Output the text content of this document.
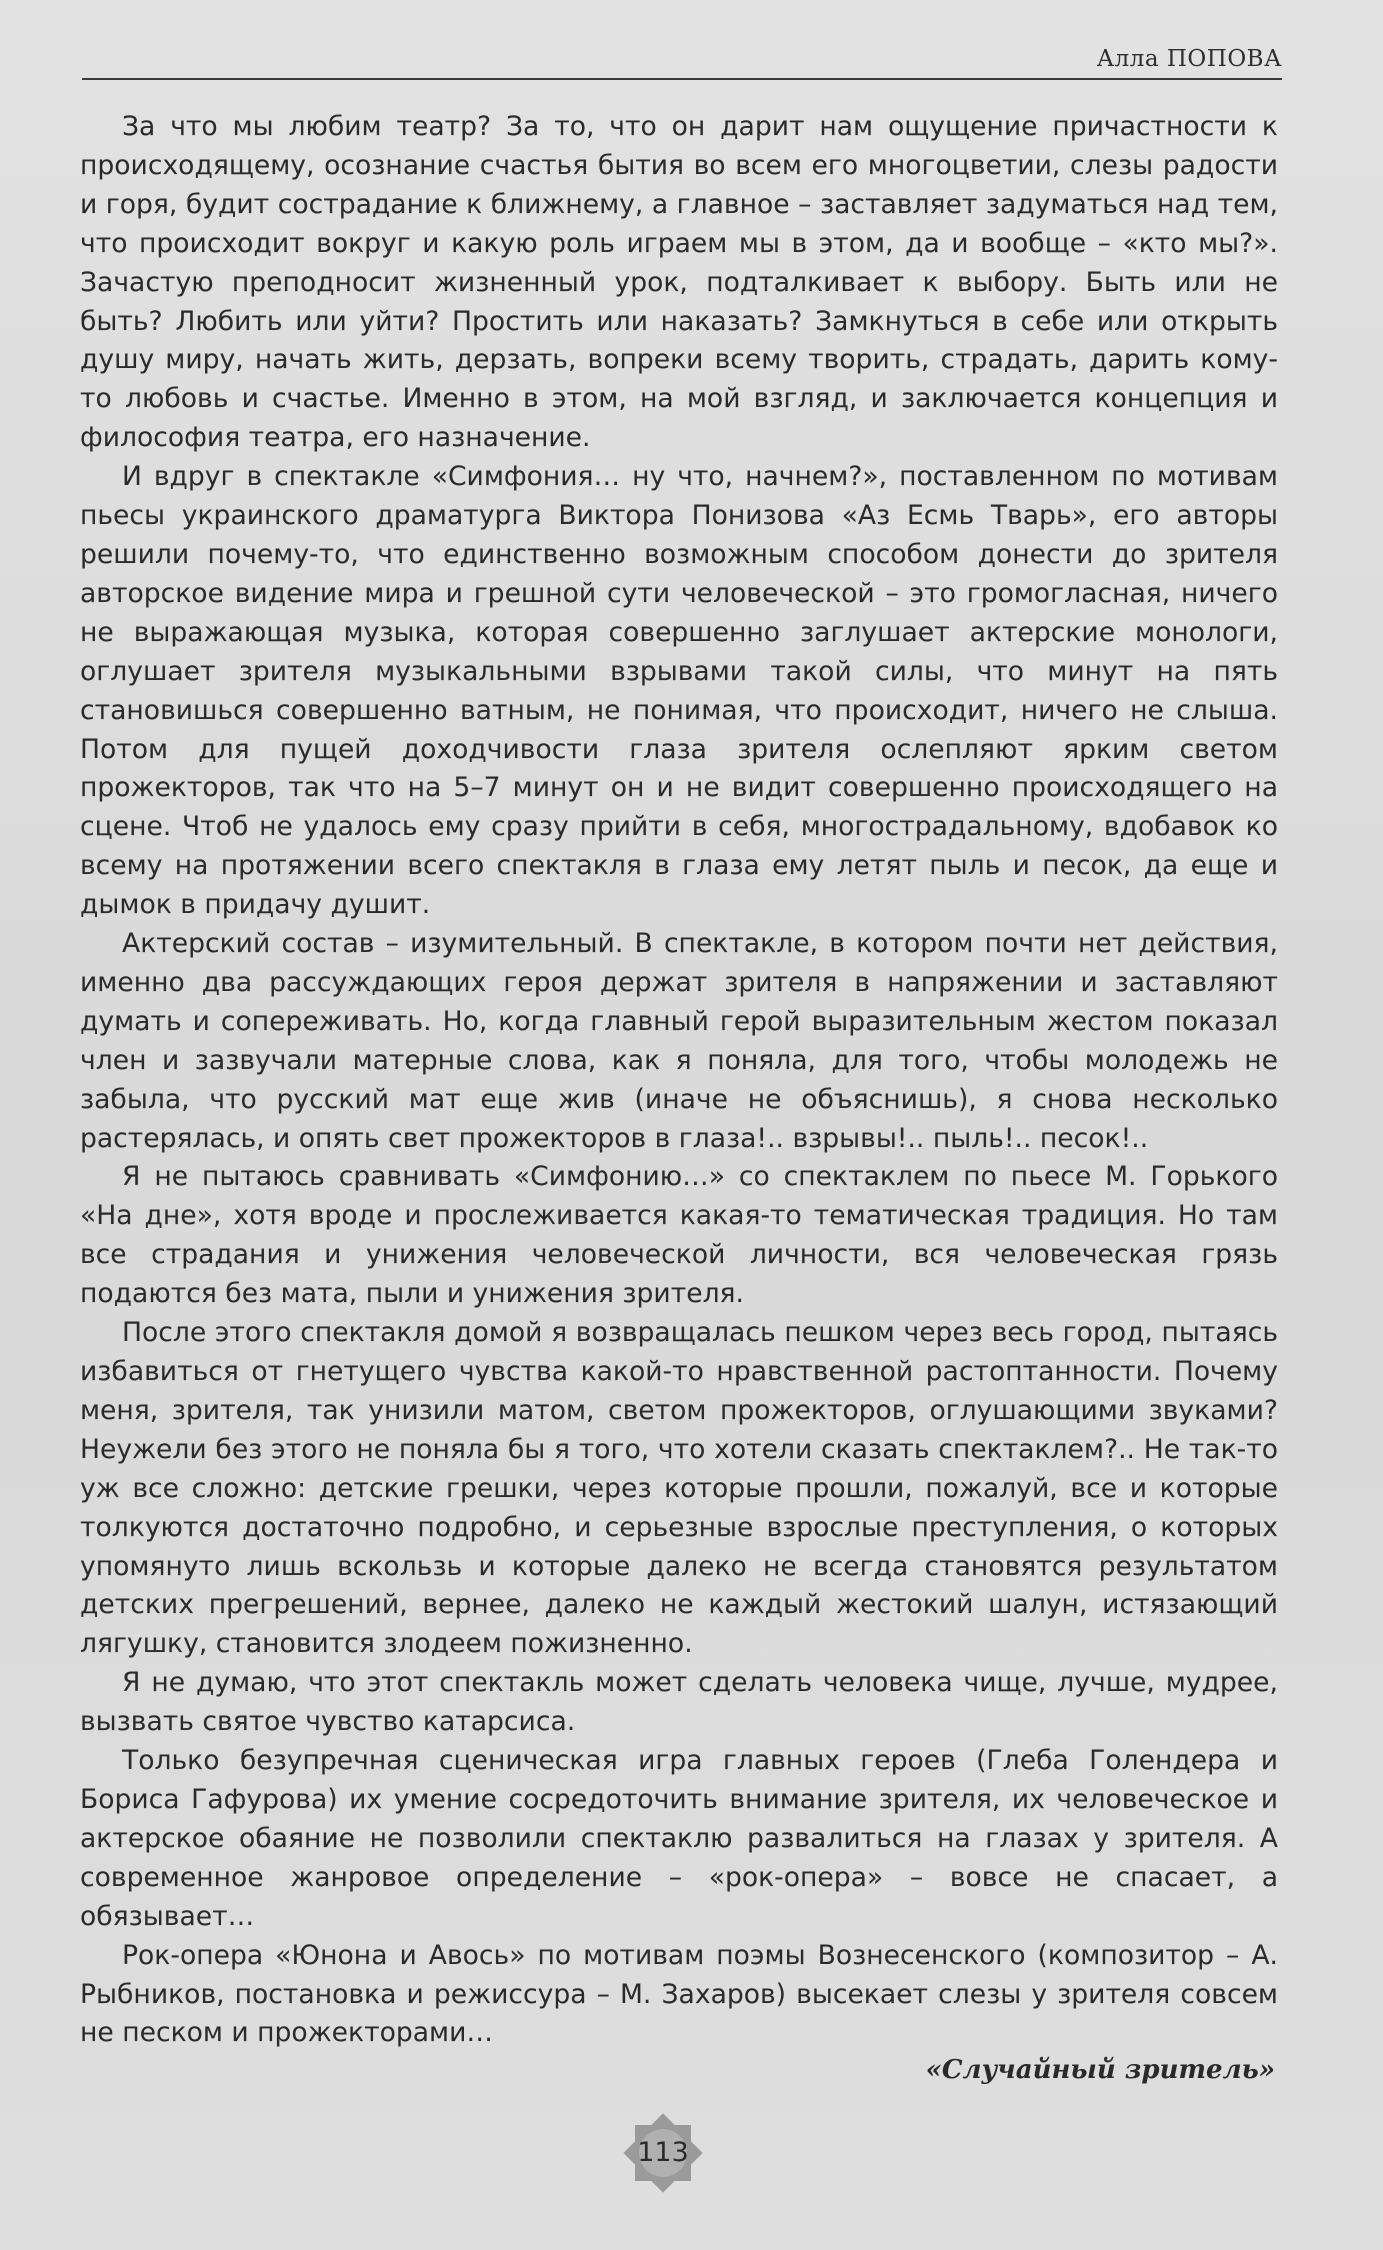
Алла ПОПОВА

За что мы любим театр? За то, что он дарит нам ощущение причастности к происходящему, осознание счастья бытия во всем его многоцветии, слезы радости и горя, будит сострадание к ближнему, а главное – заставляет задуматься над тем, что происходит вокруг и какую роль играем мы в этом, да и вообще – «кто мы?». Зачастую преподносит жизненный урок, подталкивает к выбору. Быть или не быть? Любить или уйти? Простить или наказать? Замкнуться в себе или открыть душу миру, начать жить, дерзать, вопреки всему творить, страдать, дарить кому-то любовь и счастье. Именно в этом, на мой взгляд, и заключается концепция и философия театра, его назначение.

И вдруг в спектакле «Симфония… ну что, начнем?», поставленном по мотивам пьесы украинского драматурга Виктора Понизова «Аз Есмь Тварь», его авторы решили почему-то, что единственно возможным способом донести до зрителя авторское видение мира и грешной сути человеческой – это громогласная, ничего не выражающая музыка, которая совершенно заглушает актерские монологи, оглушает зрителя музыкальными взрывами такой силы, что минут на пять становишься совершенно ватным, не понимая, что происходит, ничего не слыша. Потом для пущей доходчивости глаза зрителя ослепляют ярким светом прожекторов, так что на 5–7 минут он и не видит совершенно происходящего на сцене. Чтоб не удалось ему сразу прийти в себя, многострадальному, вдобавок ко всему на протяжении всего спектакля в глаза ему летят пыль и песок, да еще и дымок в придачу душит.

Актерский состав – изумительный. В спектакле, в котором почти нет действия, именно два рассуждающих героя держат зрителя в напряжении и заставляют думать и сопереживать. Но, когда главный герой выразительным жестом показал член и зазвучали матерные слова, как я поняла, для того, чтобы молодежь не забыла, что русский мат еще жив (иначе не объяснишь), я снова несколько растерялась, и опять свет прожекторов в глаза!.. взрывы!.. пыль!.. песок!..

Я не пытаюсь сравнивать «Симфонию…» со спектаклем по пьесе М. Горького «На дне», хотя вроде и прослеживается какая-то тематическая традиция. Но там все страдания и унижения человеческой личности, вся человеческая грязь подаются без мата, пыли и унижения зрителя.

После этого спектакля домой я возвращалась пешком через весь город, пытаясь избавиться от гнетущего чувства какой-то нравственной растоптанности. Почему меня, зрителя, так унизили матом, светом прожекторов, оглушающими звуками? Неужели без этого не поняла бы я того, что хотели сказать спектаклем?.. Не так-то уж все сложно: детские грешки, через которые прошли, пожалуй, все и которые толкуются достаточно подробно, и серьезные взрослые преступления, о которых упомянуто лишь вскользь и которые далеко не всегда становятся результатом детских прегрешений, вернее, далеко не каждый жестокий шалун, истязающий лягушку, становится злодеем пожизненно.

Я не думаю, что этот спектакль может сделать человека чище, лучше, мудрее, вызвать святое чувство катарсиса.

Только безупречная сценическая игра главных героев (Глеба Голендера и Бориса Гафурова) их умение сосредоточить внимание зрителя, их человеческое и актерское обаяние не позволили спектаклю развалиться на глазах у зрителя. А современное жанровое определение – «рок-опера» – вовсе не спасает, а обязывает…

Рок-опера «Юнона и Авось» по мотивам поэмы Вознесенского (композитор – А. Рыбников, постановка и режиссура – М. Захаров) высекает слезы у зрителя совсем не песком и прожекторами…

«Случайный зритель»
113
